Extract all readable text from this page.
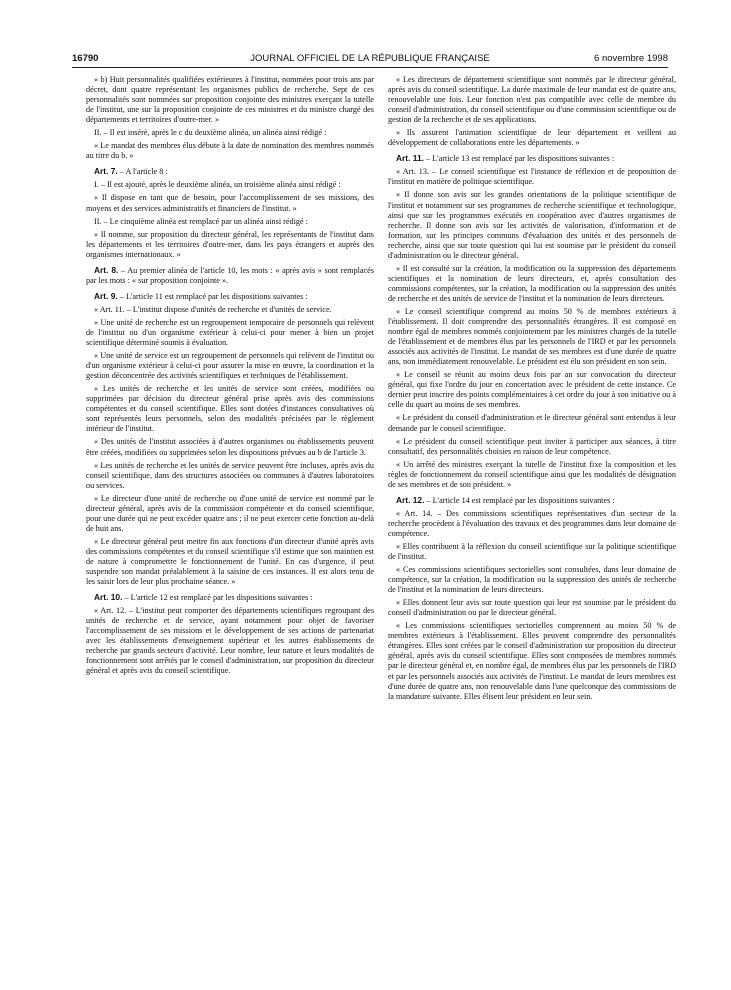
16790	JOURNAL OFFICIEL DE LA RÉPUBLIQUE FRANÇAISE	6 novembre 1998

« b) Huit personnalités qualifiées extérieures à l'institut, nommées pour trois ans par décret, dont quatre représentant les organismes publics de recherche. Sept de ces personnalités sont nommées sur proposition conjointe des ministres exerçant la tutelle de l'institut, une sur la proposition conjointe de ces ministres et du ministre chargé des départements et territoires d'outre-mer. »

II. – Il est inséré, après le c du deuxième alinéa, un alinéa ainsi rédigé :

« Le mandat des membres élus débute à la date de nomination des membres nommés au titre du b. »

Art. 7. – A l'article 8 :

I. – Il est ajouté, après le deuxième alinéa, un troisième alinéa ainsi rédigé :

« Il dispose en tant que de besoin, pour l'accomplissement de ses missions, des moyens et des services administratifs et financiers de l'institut. »

II. – Le cinquième alinéa est remplacé par un alinéa ainsi rédigé :

« Il nomme, sur proposition du directeur général, les représentants de l'institut dans les départements et les territoires d'outre-mer, dans les pays étrangers et auprès des organismes internationaux. »

Art. 8. – Au premier alinéa de l'article 10, les mots : « après avis » sont remplacés par les mots : « sur proposition conjointe ».

Art. 9. – L'article 11 est remplacé par les dispositions suivantes :

« Art. 11. – L'institut dispose d'unités de recherche et d'unités de service.

« Une unité de recherche est un regroupement temporaire de personnels qui relèvent de l'institut ou d'un organisme extérieur à celui-ci pour mener à bien un projet scientifique déterminé soumis à évaluation.

« Une unité de service est un regroupement de personnels qui relèvent de l'institut ou d'un organisme extérieur à celui-ci pour assurer la mise en œuvre, la coordination et la gestion déconcentrée des activités scientifiques et techniques de l'établissement.

« Les unités de recherche et les unités de service sont créées, modifiées ou supprimées par décision du directeur général prise après avis des commissions compétentes et du conseil scientifique. Elles sont dotées d'instances consultatives où sont représentés leurs personnels, selon des modalités précisées par le règlement intérieur de l'institut.

« Des unités de l'institut associées à d'autres organismes ou établissements peuvent être créées, modifiées ou supprimées selon les dispositions prévues au b de l'article 3.

« Les unités de recherche et les unités de service peuvent être incluses, après avis du conseil scientifique, dans des structures associées ou communes à d'autres laboratoires ou services.

« Le directeur d'une unité de recherche ou d'une unité de service est nommé par le directeur général, après avis de la commission compétente et du conseil scientifique, pour une durée qui ne peut excéder quatre ans ; il ne peut exercer cette fonction au-delà de huit ans.

« Le directeur général peut mettre fin aux fonctions d'un directeur d'unité après avis des commissions compétentes et du conseil scientifique s'il estime que son maintien est de nature à compromettre le fonctionnement de l'unité. En cas d'urgence, il peut suspendre son mandat préalablement à la saisine de ces instances. Il est alors tenu de les saisir lors de leur plus prochaine séance. »

Art. 10. – L'article 12 est remplacé par les dispositions suivantes :

« Art. 12. – L'institut peut comporter des départements scientifiques regroupant des unités de recherche et de service, ayant notamment pour objet de favoriser l'accomplissement de ses missions et le développement de ses actions de partenariat avec les établissements d'enseignement supérieur et les autres établissements de recherche par grands secteurs d'activité. Leur nombre, leur nature et leurs modalités de fonctionnement sont arrêtés par le conseil d'administration, sur proposition du directeur général et après avis du conseil scientifique.

« Les directeurs de département scientifique sont nommés par le directeur général, après avis du conseil scientifique. La durée maximale de leur mandat est de quatre ans, renouvelable une fois. Leur fonction n'est pas compatible avec celle de membre du conseil d'administration, du conseil scientifique ou d'une commission scientifique ou de gestion de la recherche et de ses applications.

« Ils assurent l'animation scientifique de leur département et veillent au développement de collaborations entre les départements. »

Art. 11. – L'article 13 est remplacé par les dispositions suivantes :

« Art. 13. – Le conseil scientifique est l'instance de réflexion et de proposition de l'institut en matière de politique scientifique.

« Il donne son avis sur les grandes orientations de la politique scientifique de l'institut et notamment sur ses programmes de recherche scientifique et technologique, ainsi que sur les programmes exécutés en coopération avec d'autres organismes de recherche. Il donne son avis sur les activités de valorisation, d'information et de formation, sur les principes communs d'évaluation des unités et des personnels de recherche, ainsi que sur toute question qui lui est soumise par le président du conseil d'administration ou le directeur général.

« Il est consulté sur la création, la modification ou la suppression des départements scientifiques et la nomination de leurs directeurs, et, après consultation des commissions compétentes, sur la création, la modification ou la suppression des unités de recherche et des unités de service de l'institut et la nomination de leurs directeurs.

« Le conseil scientifique comprend au moins 50 % de membres extérieurs à l'établissement. Il doit comprendre des personnalités étrangères. Il est composé en nombre égal de membres nommés conjointement par les ministres chargés de la tutelle de l'établissement et de membres élus par les personnels de l'IRD et par les personnels associés aux activités de l'institut. Le mandat de ses membres est d'une durée de quatre ans, non immédiatement renouvelable. Le président est élu son président en son sein.

« Le conseil se réunit au moins deux fois par an sur convocation du directeur général, qui fixe l'ordre du jour en concertation avec le président de cette instance. Ce dernier peut inscrire des points complémentaires à cet ordre du jour à son initiative ou à celle du quart au moins de ses membres.

« Le président du conseil d'administration et le directeur général sont entendus à leur demande par le conseil scientifique.

« Le président du conseil scientifique peut inviter à participer aux séances, à titre consultatif, des personnalités choisies en raison de leur compétence.

« Un arrêté des ministres exerçant la tutelle de l'institut fixe la composition et les règles de fonctionnement du conseil scientifique ainsi que les modalités de désignation de ses membres et de son président. »

Art. 12. – L'article 14 est remplacé par les dispositions suivantes :

« Art. 14. – Des commissions scientifiques représentatives d'un secteur de la recherche procèdent à l'évaluation des travaux et des programmes dans leur domaine de compétence.

« Elles contribuent à la réflexion du conseil scientifique sur la politique scientifique de l'institut.

« Ces commissions scientifiques sectorielles sont consultées, dans leur domaine de compétence, sur la création, la modification ou la suppression des unités de recherche de l'institut et la nomination de leurs directeurs.

« Elles donnent leur avis sur toute question qui leur est soumise par le président du conseil d'administration ou par le directeur général.

« Les commissions scientifiques sectorielles comprennent au moins 50 % de membres extérieurs à l'établissement. Elles peuvent comprendre des personnalités étrangères. Elles sont créées par le conseil d'administration sur proposition du directeur général, après avis du conseil scientifique. Elles sont composées de membres nommés par le directeur général et, en nombre égal, de membres élus par les personnels de l'IRD et par les personnels associés aux activités de l'institut. Le mandat de leurs membres est d'une durée de quatre ans, non renouvelable dans l'une quelconque des commissions de la mandature suivante. Elles élisent leur président en leur sein.
